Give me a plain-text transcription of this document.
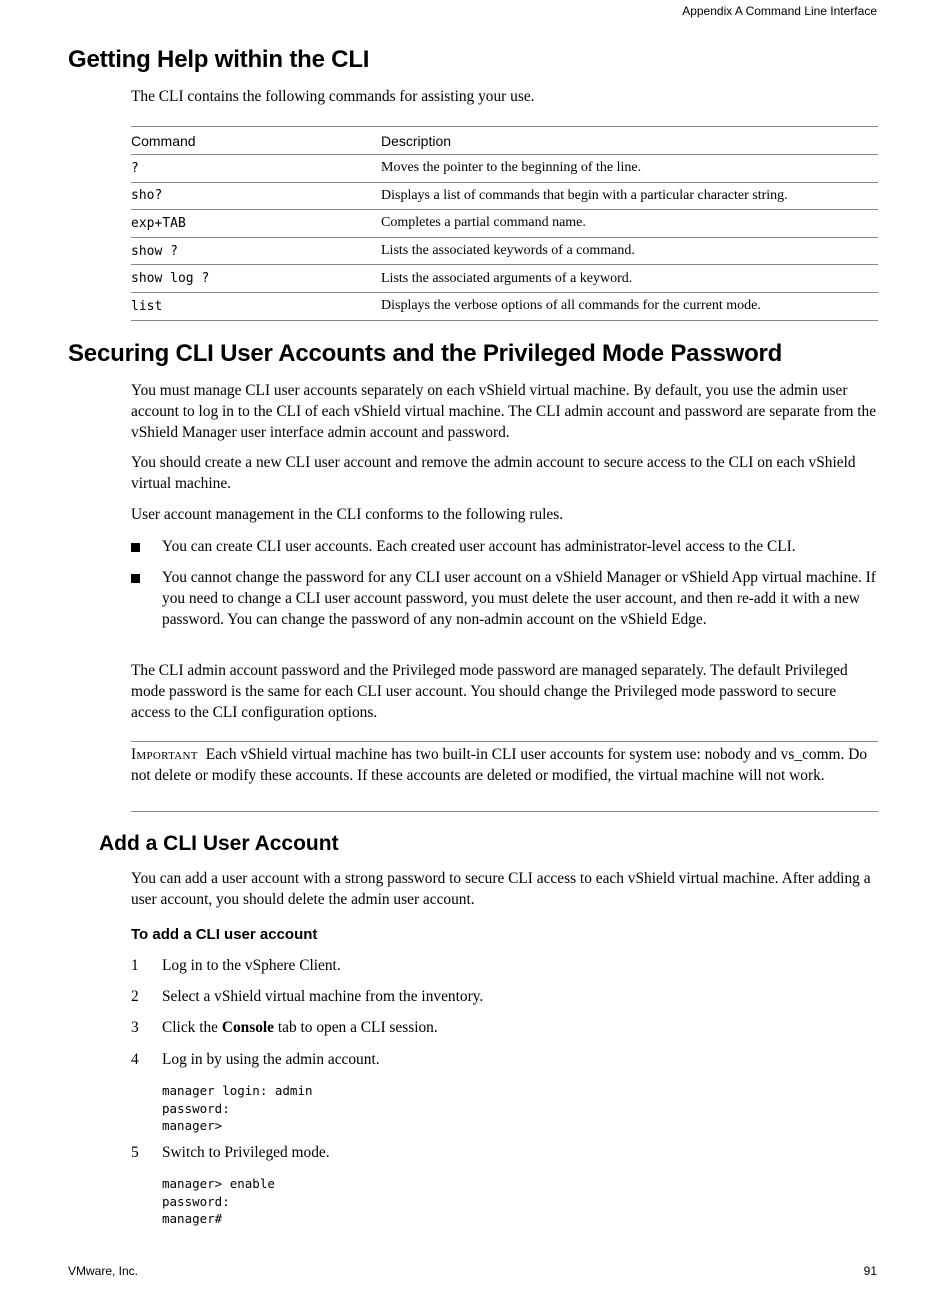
Appendix A Command Line Interface
Getting Help within the CLI

The CLI contains the following commands for assisting your use.

Command	Description
?	Moves the pointer to the beginning of the line.
sho?	Displays a list of commands that begin with a particular character string.
exp+TAB	Completes a partial command name.
show ?	Lists the associated keywords of a command.
show log ?	Lists the associated arguments of a keyword.
list	Displays the verbose options of all commands for the current mode.
Securing CLI User Accounts and the Privileged Mode Password

You must manage CLI user accounts separately on each vShield virtual machine. By default, you use the admin user account to log in to the CLI of each vShield virtual machine. The CLI admin account and password are separate from the vShield Manager user interface admin account and password.

You should create a new CLI user account and remove the admin account to secure access to the CLI on each vShield virtual machine.

User account management in the CLI conforms to the following rules.

You can create CLI user accounts. Each created user account has administrator-level access to the CLI.
You cannot change the password for any CLI user account on a vShield Manager or vShield App virtual machine. If you need to change a CLI user account password, you must delete the user account, and then re-add it with a new password. You can change the password of any non-admin account on the vShield Edge.

The CLI admin account password and the Privileged mode password are managed separately. The default Privileged mode password is the same for each CLI user account. You should change the Privileged mode password to secure access to the CLI configuration options.

Important Each vShield virtual machine has two built-in CLI user accounts for system use: nobody and vs_comm. Do not delete or modify these accounts. If these accounts are deleted or modified, the virtual machine will not work.

Add a CLI User Account

You can add a user account with a strong password to secure CLI access to each vShield virtual machine. After adding a user account, you should delete the admin user account.

To add a CLI user account
1 Log in to the vSphere Client.
2 Select a vShield virtual machine from the inventory.
3 Click the Console tab to open a CLI session.
4 Log in by using the admin account.
manager login: admin
password:
manager>
5 Switch to Privileged mode.
manager> enable
password:
manager#
VMware, Inc.	91
